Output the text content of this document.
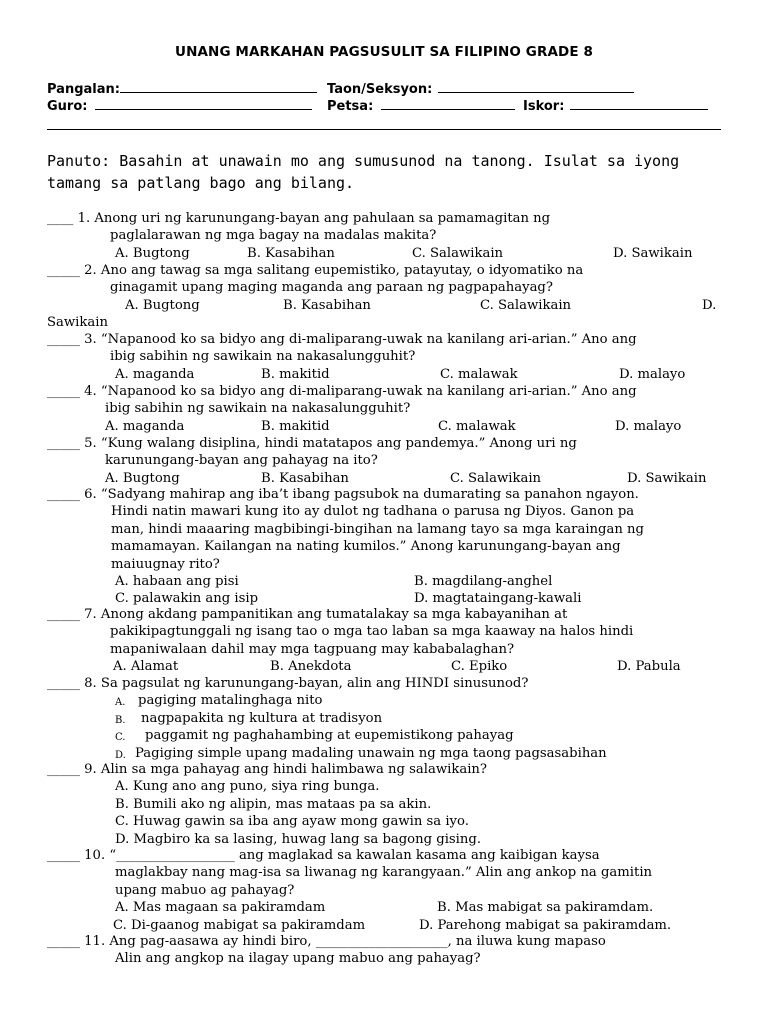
UNANG MARKAHAN PAGSUSULIT SA FILIPINO GRADE 8
Pangalan:	Taon/Seksyon:
Guro:	Petsa:	Iskor:
Panuto: Basahin at unawain mo ang sumusunod na tanong. Isulat sa iyong tamang sa patlang bago ang bilang.
____ 1. Anong uri ng karunungang-bayan ang pahulaan sa pamamagitan ng
paglalarawan ng mga bagay na madalas makita?
A. Bugtong	B. Kasabihan	C. Salawikain	D. Sawikain
_____ 2. Ano ang tawag sa mga salitang eupemistiko, patayutay, o idyomatiko na
ginagamit upang maging maganda ang paraan ng pagpapahayag?
A. Bugtong	B. Kasabihan	C. Salawikain	D.
Sawikain
_____ 3. “Napanood ko sa bidyo ang di-maliparang-uwak na kanilang ari-arian.” Ano ang
ibig sabihin ng sawikain na nakasalungguhit?
A. maganda	B. makitid	C. malawak	D. malayo
_____ 4. “Napanood ko sa bidyo ang di-maliparang-uwak na kanilang ari-arian.” Ano ang
ibig sabihin ng sawikain na nakasalungguhit?
A. maganda	B. makitid	C. malawak	D. malayo
_____ 5. “Kung walang disiplina, hindi matatapos ang pandemya.” Anong uri ng
karunungang-bayan ang pahayag na ito?
A. Bugtong	B. Kasabihan	C. Salawikain	D. Sawikain
_____ 6. “Sadyang mahirap ang iba’t ibang pagsubok na dumarating sa panahon ngayon.
Hindi natin mawari kung ito ay dulot ng tadhana o parusa ng Diyos. Ganon pa
man, hindi maaaring magbibingi-bingihan na lamang tayo sa mga karaingan ng
mamamayan. Kailangan na nating kumilos.” Anong karunungang-bayan ang
maiuugnay rito?
A. habaan ang pisi	B. magdilang-anghel
C. palawakin ang isip	D. magtataingang-kawali
_____ 7. Anong akdang pampanitikan ang tumatalakay sa mga kabayanihan at
pakikipagtunggali ng isang tao o mga tao laban sa mga kaaway na halos hindi
mapaniwalaan dahil may mga tagpuang may kababalaghan?
A. Alamat	B. Anekdota	C. Epiko	D. Pabula
_____ 8. Sa pagsulat ng karunungang-bayan, alin ang HINDI sinusunod?
A. pagiging matalinghaga nito
B. nagpapakita ng kultura at tradisyon
C. paggamit ng paghahambing at eupemistikong pahayag
D. Pagiging simple upang madaling unawain ng mga taong pagsasabihan
_____ 9. Alin sa mga pahayag ang hindi halimbawa ng salawikain?
A. Kung ano ang puno, siya ring bunga.
B. Bumili ako ng alipin, mas mataas pa sa akin.
C. Huwag gawin sa iba ang ayaw mong gawin sa iyo.
D. Magbiro ka sa lasing, huwag lang sa bagong gising.
_____ 10. “__________________ ang maglakad sa kawalan kasama ang kaibigan kaysa
maglakbay nang mag-isa sa liwanag ng karangyaan.” Alin ang ankop na gamitin
upang mabuo ag pahayag?
A. Mas magaan sa pakiramdam	B. Mas mabigat sa pakiramdam.
C. Di-gaanog mabigat sa pakiramdam	D. Parehong mabigat sa pakiramdam.
_____ 11. Ang pag-aasawa ay hindi biro, ____________________, na iluwa kung mapaso
Alin ang angkop na ilagay upang mabuo ang pahayag?
